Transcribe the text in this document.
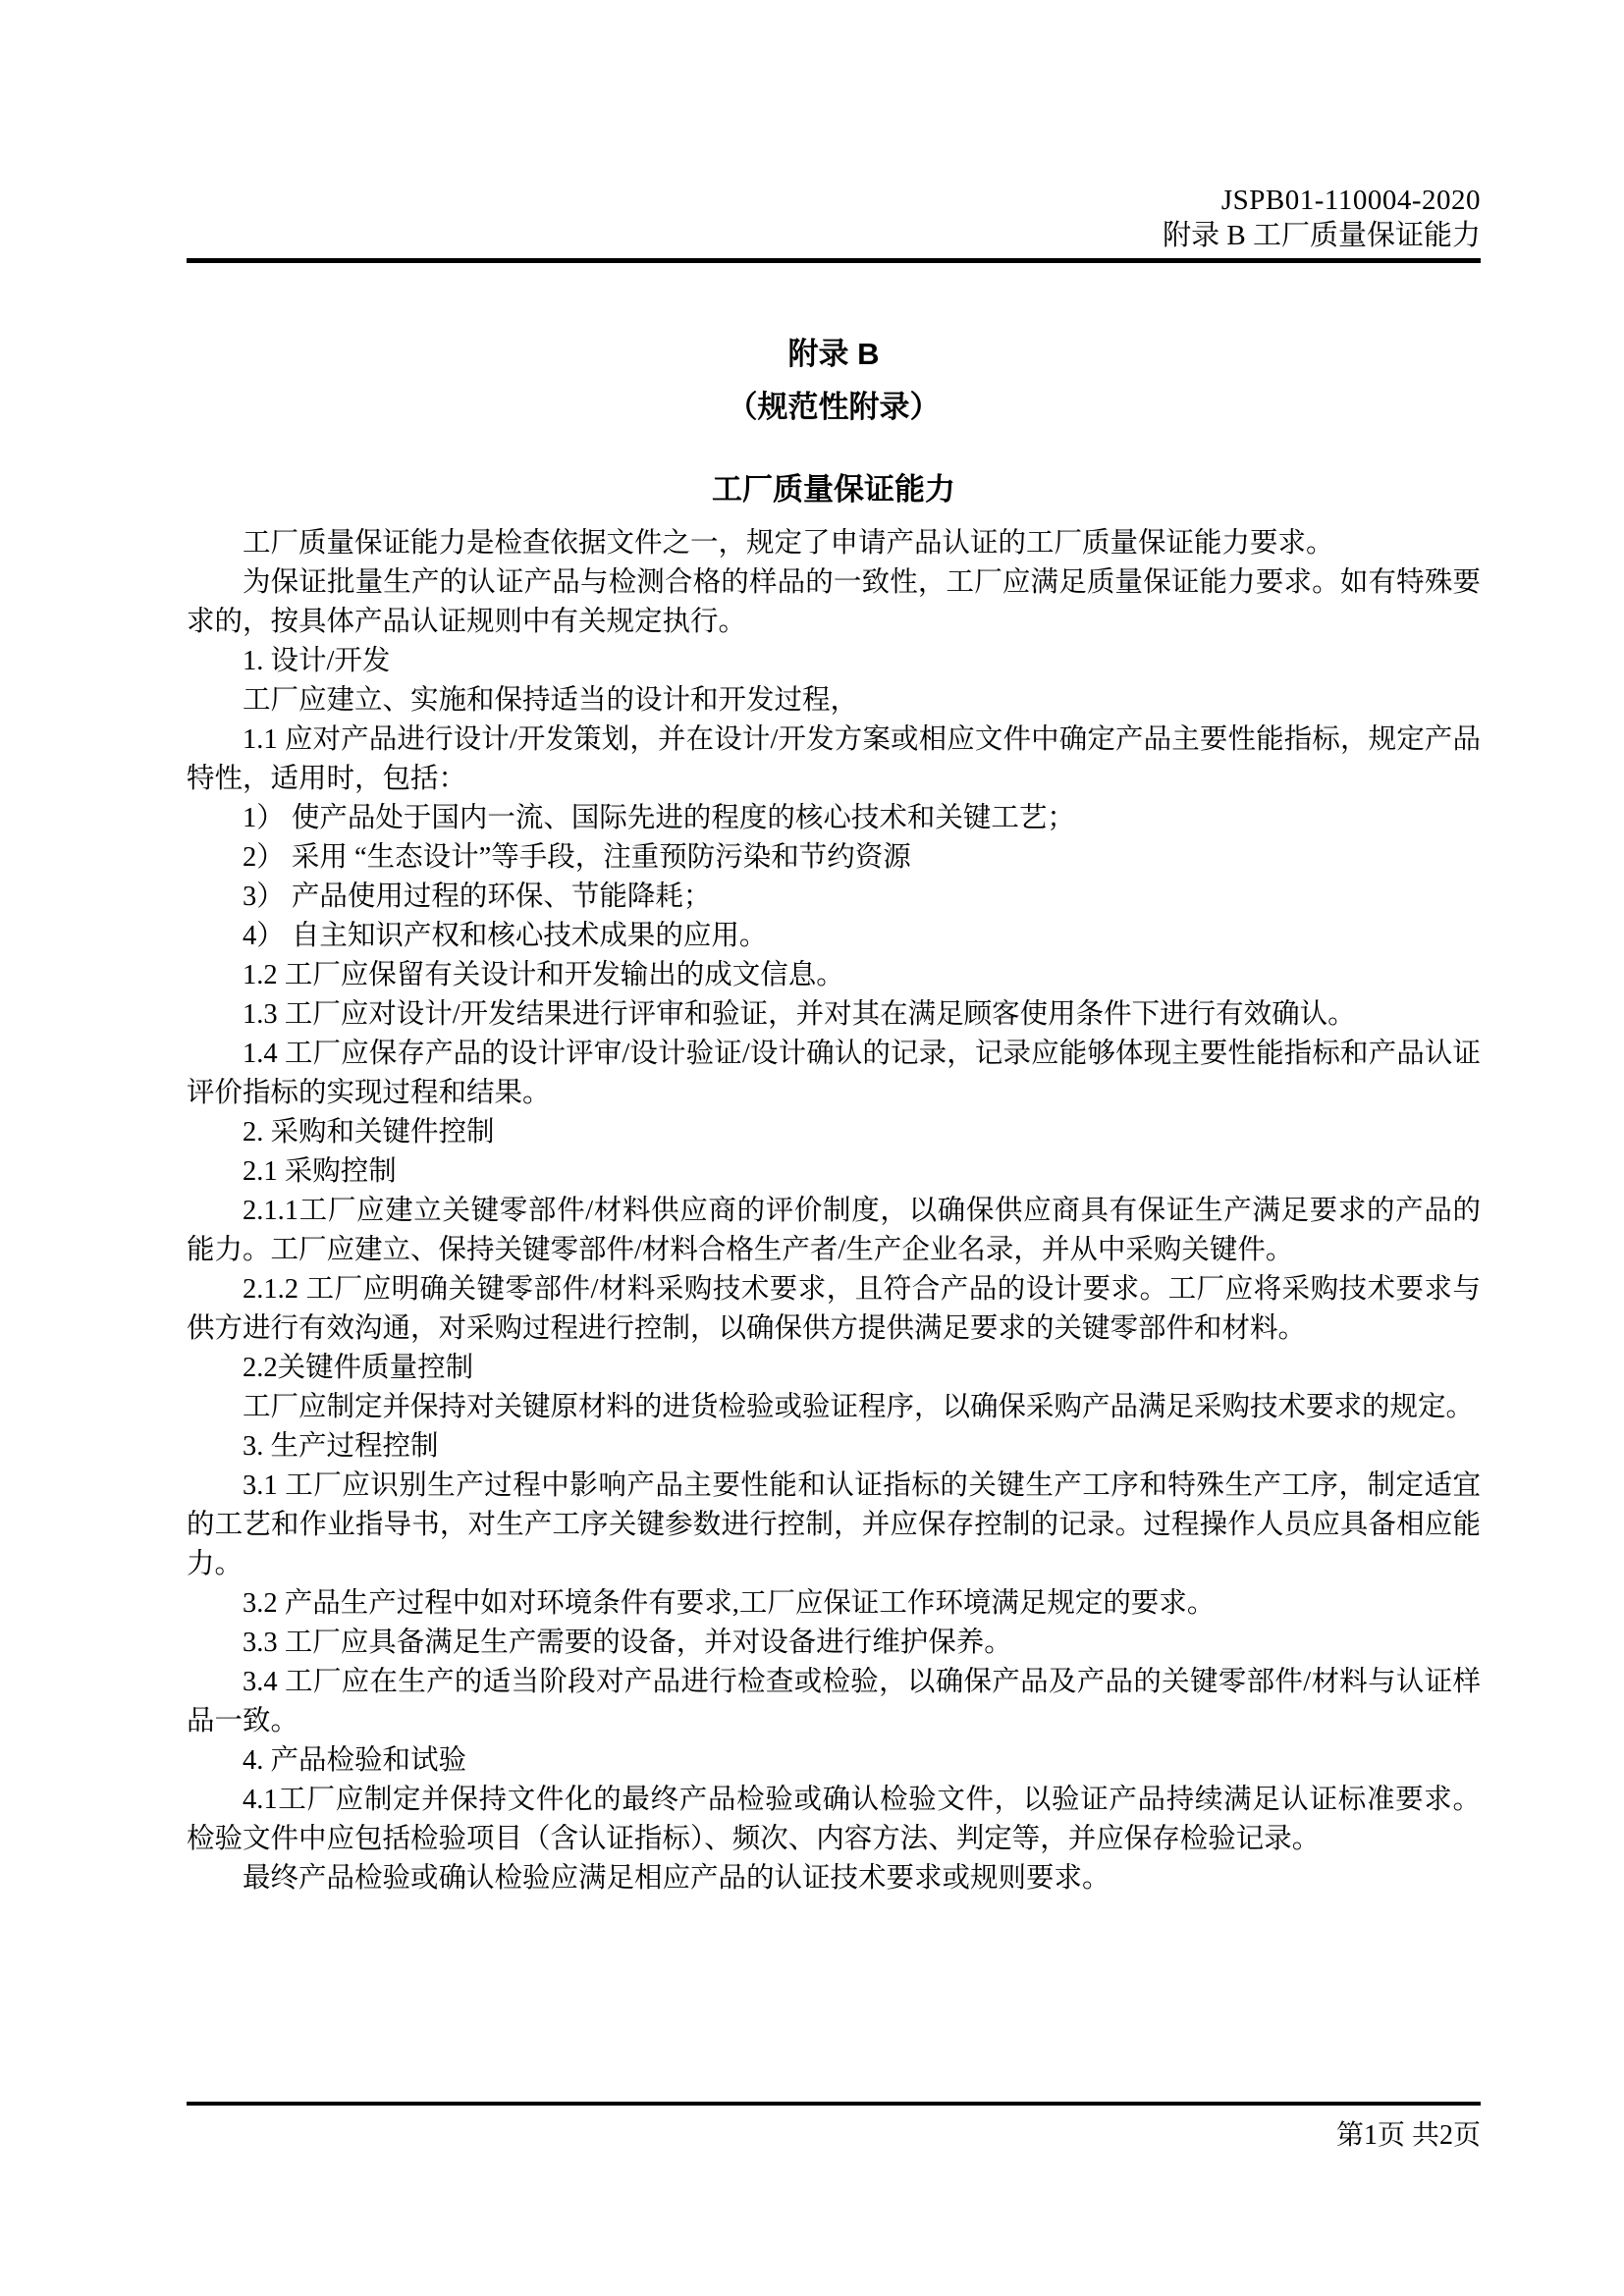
JSPB01-110004-2020
附录 B 工厂质量保证能力
附录 B
（规范性附录）
工厂质量保证能力

工厂质量保证能力是检查依据文件之一，规定了申请产品认证的工厂质量保证能力要求。

为保证批量生产的认证产品与检测合格的样品的一致性，工厂应满足质量保证能力要求。如有特殊要求的，按具体产品认证规则中有关规定执行。

1. 设计/开发

工厂应建立、实施和保持适当的设计和开发过程，

1.1 应对产品进行设计/开发策划，并在设计/开发方案或相应文件中确定产品主要性能指标，规定产品特性，适用时，包括：

1） 使产品处于国内一流、国际先进的程度的核心技术和关键工艺；

2） 采用 “生态设计”等手段，注重预防污染和节约资源

3） 产品使用过程的环保、节能降耗；

4） 自主知识产权和核心技术成果的应用。

1.2 工厂应保留有关设计和开发输出的成文信息。

1.3 工厂应对设计/开发结果进行评审和验证，并对其在满足顾客使用条件下进行有效确认。

1.4 工厂应保存产品的设计评审/设计验证/设计确认的记录，记录应能够体现主要性能指标和产品认证评价指标的实现过程和结果。

2. 采购和关键件控制

2.1 采购控制

2.1.1工厂应建立关键零部件/材料供应商的评价制度，以确保供应商具有保证生产满足要求的产品的能力。工厂应建立、保持关键零部件/材料合格生产者/生产企业名录，并从中采购关键件。

2.1.2 工厂应明确关键零部件/材料采购技术要求，且符合产品的设计要求。工厂应将采购技术要求与供方进行有效沟通，对采购过程进行控制，以确保供方提供满足要求的关键零部件和材料。

2.2关键件质量控制

工厂应制定并保持对关键原材料的进货检验或验证程序，以确保采购产品满足采购技术要求的规定。

3. 生产过程控制

3.1 工厂应识别生产过程中影响产品主要性能和认证指标的关键生产工序和特殊生产工序，制定适宜的工艺和作业指导书，对生产工序关键参数进行控制，并应保存控制的记录。过程操作人员应具备相应能力。

3.2 产品生产过程中如对环境条件有要求,工厂应保证工作环境满足规定的要求。

3.3 工厂应具备满足生产需要的设备，并对设备进行维护保养。

3.4 工厂应在生产的适当阶段对产品进行检查或检验，以确保产品及产品的关键零部件/材料与认证样品一致。

4. 产品检验和试验

4.1工厂应制定并保持文件化的最终产品检验或确认检验文件，以验证产品持续满足认证标准要求。检验文件中应包括检验项目（含认证指标）、频次、内容方法、判定等，并应保存检验记录。

最终产品检验或确认检验应满足相应产品的认证技术要求或规则要求。

第1页 共2页
